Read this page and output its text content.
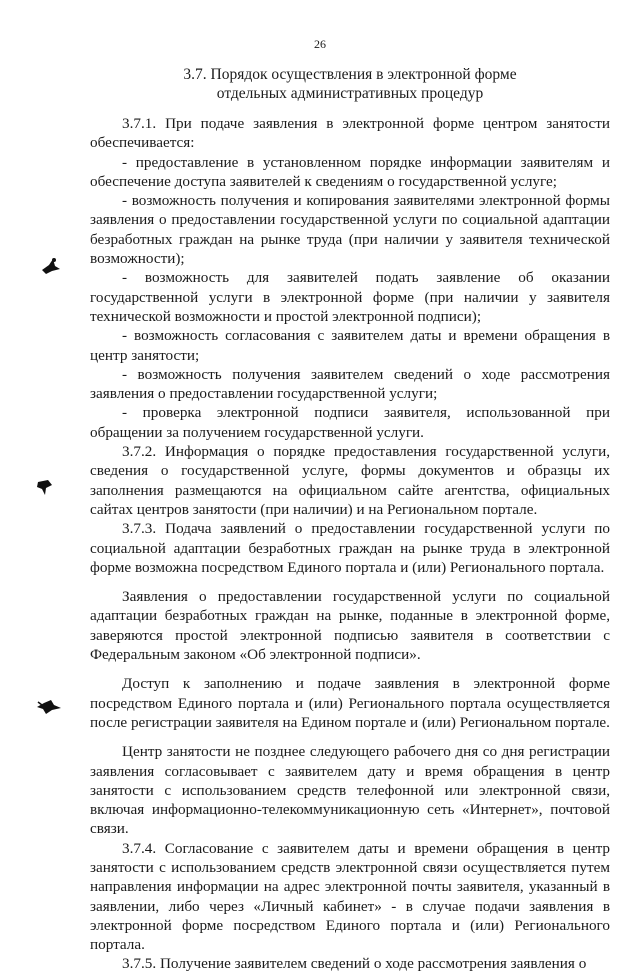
26
3.7. Порядок осуществления в электронной форме
отдельных административных процедур

3.7.1. При подаче заявления в электронной форме центром занятости обеспечивается:

- предоставление в установленном порядке информации заявителям и обеспечение доступа заявителей к сведениям о государственной услуге;

- возможность получения и копирования заявителями электронной формы заявления о предоставлении государственной услуги по социальной адаптации безработных граждан на рынке труда (при наличии у заявителя технической возможности);

- возможность для заявителей подать заявление об оказании государственной услуги в электронной форме (при наличии у заявителя технической возможности и простой электронной подписи);

- возможность согласования с заявителем даты и времени обращения в центр занятости;

- возможность получения заявителем сведений о ходе рассмотрения заявления о предоставлении государственной услуги;

- проверка электронной подписи заявителя, использованной при обращении за получением государственной услуги.

3.7.2. Информация о порядке предоставления государственной услуги, сведения о государственной услуге, формы документов и образцы их заполнения размещаются на официальном сайте агентства, официальных сайтах центров занятости (при наличии) и на Региональном портале.

3.7.3. Подача заявлений о предоставлении государственной услуги по социальной адаптации безработных граждан на рынке труда в электронной форме возможна посредством Единого портала и (или) Регионального портала.

Заявления о предоставлении государственной услуги по социальной адаптации безработных граждан на рынке, поданные в электронной форме, заверяются простой электронной подписью заявителя в соответствии с Федеральным законом «Об электронной подписи».

Доступ к заполнению и подаче заявления в электронной форме посредством Единого портала и (или) Регионального портала осуществляется после регистрации заявителя на Едином портале и (или) Региональном портале.

Центр занятости не позднее следующего рабочего дня со дня регистрации заявления согласовывает с заявителем дату и время обращения в центр занятости с использованием средств телефонной или электронной связи, включая информационно-телекоммуникационную сеть «Интернет», почтовой связи.

3.7.4. Согласование с заявителем даты и времени обращения в центр занятости с использованием средств электронной связи осуществляется путем направления информации на адрес электронной почты заявителя, указанный в заявлении, либо через «Личный кабинет» - в случае подачи заявления в электронной форме посредством Единого портала и (или) Регионального портала.

3.7.5. Получение заявителем сведений о ходе рассмотрения заявления о
